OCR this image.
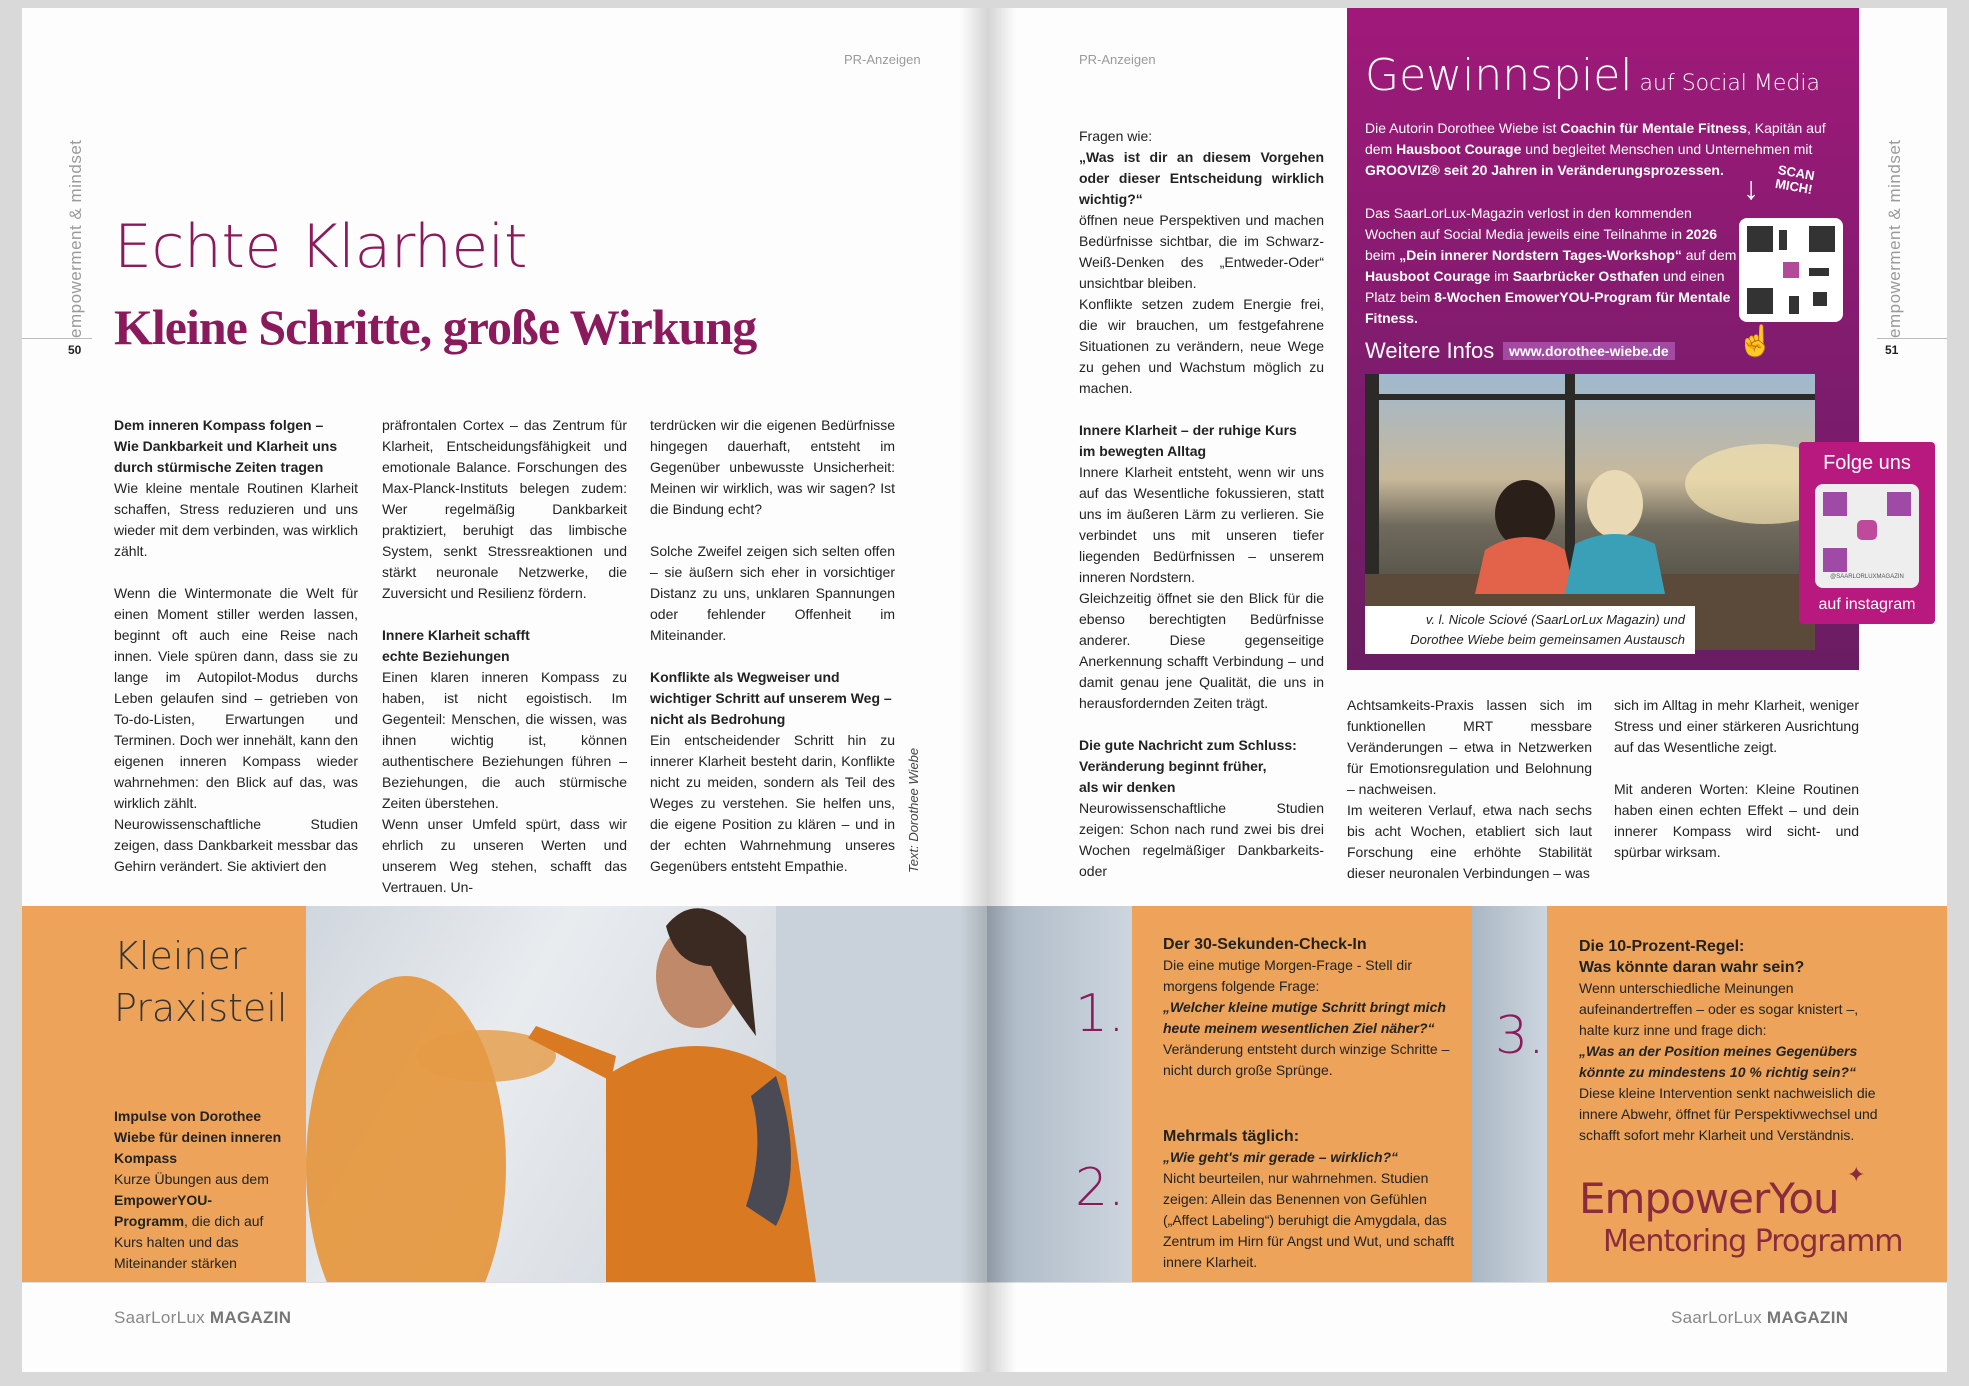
PR-Anzeigen
empowerment & mindset
50
Echte Klarheit
Kleine Schritte, große Wirkung
Dem inneren Kompass folgen –
Wie Dankbarkeit und Klarheit uns
durch stürmische Zeiten tragen

Wie kleine mentale Routinen Klarheit schaffen, Stress reduzieren und uns wieder mit dem verbinden, was wirklich zählt.

Wenn die Wintermonate die Welt für einen Moment stiller werden lassen, beginnt oft auch eine Reise nach innen. Viele spüren dann, dass sie zu lange im Autopilot-Modus durchs Leben gelaufen sind – getrieben von To-do-Listen, Erwartungen und Terminen. Doch wer innehält, kann den eigenen inneren Kompass wieder wahrnehmen: den Blick auf das, was wirklich zählt.
Neurowissenschaftliche Studien zeigen, dass Dankbarkeit messbar das Gehirn verändert. Sie aktiviert den

präfrontalen Cortex – das Zentrum für Klarheit, Entscheidungsfähigkeit und emotionale Balance. Forschungen des Max-Planck-Instituts belegen zudem: Wer regelmäßig Dankbarkeit praktiziert, beruhigt das limbische System, senkt Stressreaktionen und stärkt neuronale Netzwerke, die Zuversicht und Resilienz fördern.

Innere Klarheit schafft
echte Beziehungen
Einen klaren inneren Kompass zu haben, ist nicht egoistisch. Im Gegenteil: Menschen, die wissen, was ihnen wichtig ist, können authentischere Beziehungen führen – Beziehungen, die auch stürmische Zeiten überstehen.
Wenn unser Umfeld spürt, dass wir ehrlich zu unseren Werten und unserem Weg stehen, schafft das Vertrauen. Un-

terdrücken wir die eigenen Bedürfnisse hingegen dauerhaft, entsteht im Gegenüber unbewusste Unsicherheit: Meinen wir wirklich, was wir sagen? Ist die Bindung echt?

Solche Zweifel zeigen sich selten offen – sie äußern sich eher in vorsichtiger Distanz zu uns, unklaren Spannungen oder fehlender Offenheit im Miteinander.

Konflikte als Wegweiser und
wichtiger Schritt auf unserem Weg –
nicht als Bedrohung
Ein entscheidender Schritt hin zu innerer Klarheit besteht darin, Konflikte nicht zu meiden, sondern als Teil des Weges zu verstehen. Sie helfen uns, die eigene Position zu klären – und in der echten Wahrnehmung unseres Gegenübers entsteht Empathie.	Text: Dorothee Wiebe
Kleiner
Praxisteil
Impulse von Dorothee Wiebe für deinen inneren Kompass
Kurze Übungen aus dem EmpowerYOU-Programm, die dich auf Kurs halten und das Miteinander stärken
SaarLorLux MAGAZIN
PR-Anzeigen
empowerment & mindset
51
Fragen wie:
„Was ist dir an diesem Vorgehen oder dieser Entscheidung wirklich wichtig?“
öffnen neue Perspektiven und machen Bedürfnisse sichtbar, die im Schwarz-Weiß-Denken des „Entweder-Oder“ unsichtbar bleiben.

Konflikte setzen zudem Energie frei, die wir brauchen, um festgefahrene Situationen zu verändern, neue Wege zu gehen und Wachstum möglich zu machen.

Innere Klarheit – der ruhige Kurs
im bewegten Alltag
Innere Klarheit entsteht, wenn wir uns auf das Wesentliche fokussieren, statt uns im äußeren Lärm zu verlieren. Sie verbindet uns mit unseren tiefer liegenden Bedürfnissen – unserem inneren Nordstern.

Gleichzeitig öffnet sie den Blick für die ebenso berechtigten Bedürfnisse anderer. Diese gegenseitige Anerkennung schafft Verbindung – und damit genau jene Qualität, die uns in herausfordernden Zeiten trägt.

Die gute Nachricht zum Schluss:
Veränderung beginnt früher,
als wir denken
Neurowissenschaftliche Studien zeigen: Schon nach rund zwei bis drei Wochen regelmäßiger Dankbarkeits- oder
Achtsamkeits-Praxis lassen sich im funktionellen MRT messbare Veränderungen – etwa in Netzwerken für Emotionsregulation und Belohnung – nachweisen.
Im weiteren Verlauf, etwa nach sechs bis acht Wochen, etabliert sich laut Forschung eine erhöhte Stabilität dieser neuronalen Verbindungen – was

sich im Alltag in mehr Klarheit, weniger Stress und einer stärkeren Ausrichtung auf das Wesentliche zeigt.

Mit anderen Worten: Kleine Routinen haben einen echten Effekt – und dein innerer Kompass wird sicht- und spürbar wirksam.
Gewinnspiel auf Social Media
Die Autorin Dorothee Wiebe ist Coachin für Mentale Fitness, Kapitän auf dem Hausboot Courage und begleitet Menschen und Unternehmen mit GROOVIZ® seit 20 Jahren in Veränderungsprozessen.
Das SaarLorLux-Magazin verlost in den kommenden Wochen auf Social Media jeweils eine Teilnahme in 2026 beim „Dein innerer Nordstern Tages-Workshop“ auf dem Hausboot Courage im Saarbrücker Osthafen und einen Platz beim 8-Wochen EmowerYOU-Program für Mentale Fitness.
SCAN MICH!
↓
Weitere Infos	www.dorothee-wiebe.de ☝
v. l. Nicole Sciové (SaarLorLux Magazin) und
Dorothee Wiebe beim gemeinsamen Austausch
Folge uns
@SAARLORLUXMAGAZIN
auf instagram
1.
Der 30-Sekunden-Check-In
Die eine mutige Morgen-Frage - Stell dir morgens folgende Frage:
„Welcher kleine mutige Schritt bringt mich heute meinem wesentlichen Ziel näher?“
Veränderung entsteht durch winzige Schritte – nicht durch große Sprünge.
2.
Mehrmals täglich:
„Wie geht's mir gerade – wirklich?“
Nicht beurteilen, nur wahrnehmen. Studien zeigen: Allein das Benennen von Gefühlen („Affect Labeling“) beruhigt die Amygdala, das Zentrum im Hirn für Angst und Wut, und schafft innere Klarheit.
3.
Die 10-Prozent-Regel:
Was könnte daran wahr sein?
Wenn unterschiedliche Meinungen aufeinandertreffen – oder es sogar knistert –, halte kurz inne und frage dich:
„Was an der Position meines Gegenübers könnte zu mindestens 10 % richtig sein?“
Diese kleine Intervention senkt nachweislich die innere Abwehr, öffnet für Perspektivwechsel und schafft sofort mehr Klarheit und Verständnis.
EmpowerYou
Mentoring Programm
✦
SaarLorLux MAGAZIN
